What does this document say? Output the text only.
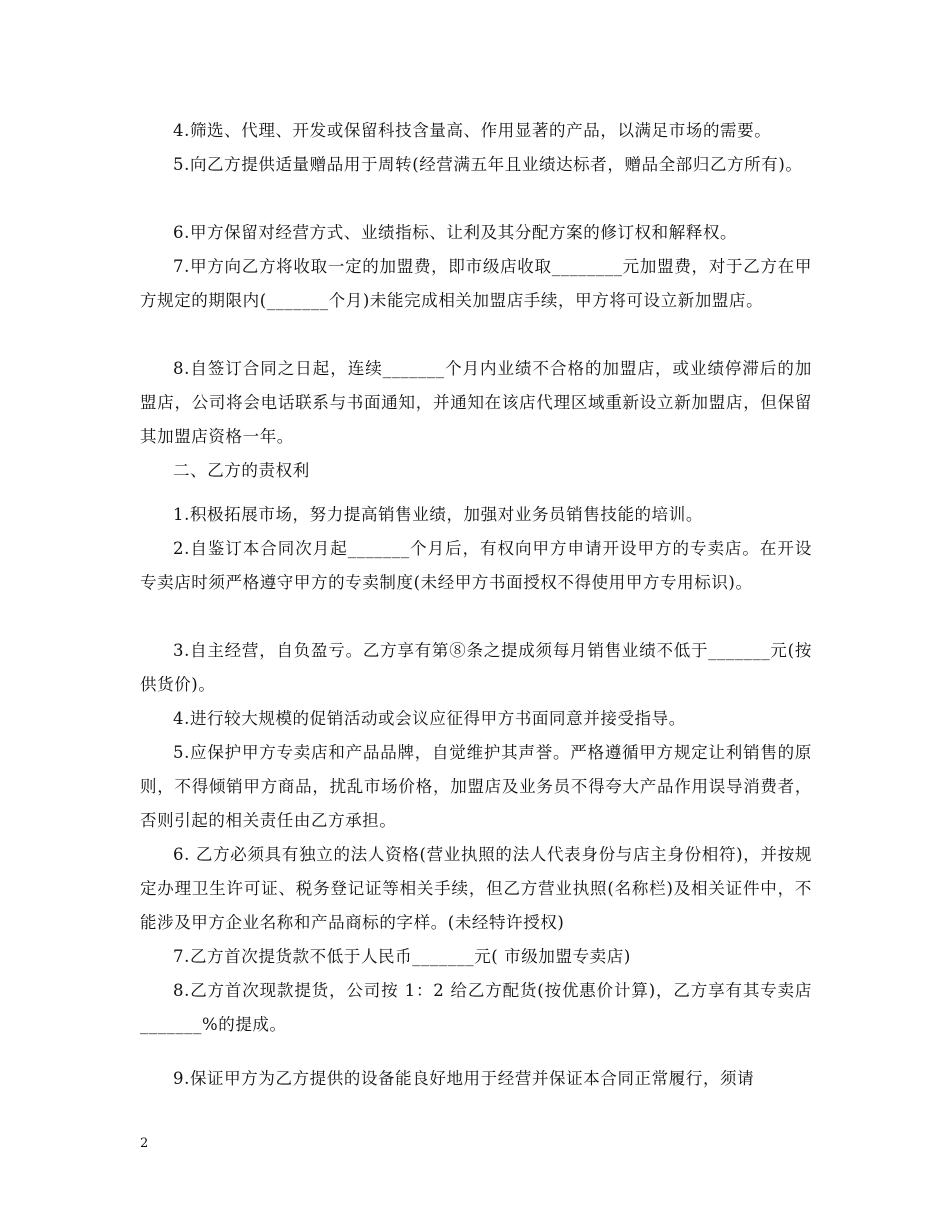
4.筛选、代理、开发或保留科技含量高、作用显著的产品，以满足市场的需要。

5.向乙方提供适量赠品用于周转(经营满五年且业绩达标者，赠品全部归乙方所有)。

6.甲方保留对经营方式、业绩指标、让利及其分配方案的修订权和解释权。

7.甲方向乙方将收取一定的加盟费，即市级店收取________元加盟费，对于乙方在甲方规定的期限内(_______个月)未能完成相关加盟店手续，甲方将可设立新加盟店。

8.自签订合同之日起，连续_______个月内业绩不合格的加盟店，或业绩停滞后的加盟店，公司将会电话联系与书面通知，并通知在该店代理区域重新设立新加盟店，但保留其加盟店资格一年。

二、乙方的责权利

1.积极拓展市场，努力提高销售业绩，加强对业务员销售技能的培训。

2.自鉴订本合同次月起_______个月后，有权向甲方申请开设甲方的专卖店。在开设专卖店时须严格遵守甲方的专卖制度(未经甲方书面授权不得使用甲方专用标识)。

3.自主经营，自负盈亏。乙方享有第⑧条之提成须每月销售业绩不低于_______元(按供货价)。

4.进行较大规模的促销活动或会议应征得甲方书面同意并接受指导。

5.应保护甲方专卖店和产品品牌，自觉维护其声誉。严格遵循甲方规定让利销售的原则，不得倾销甲方商品，扰乱市场价格，加盟店及业务员不得夸大产品作用误导消费者，否则引起的相关责任由乙方承担。

6. 乙方必须具有独立的法人资格(营业执照的法人代表身份与店主身份相符)，并按规定办理卫生许可证、税务登记证等相关手续，但乙方营业执照(名称栏)及相关证件中，不能涉及甲方企业名称和产品商标的字样。(未经特许授权)

7.乙方首次提货款不低于人民币_______元( 市级加盟专卖店)

8.乙方首次现款提货，公司按 1：2 给乙方配货(按优惠价计算)，乙方享有其专卖店_______%的提成。

9.保证甲方为乙方提供的设备能良好地用于经营并保证本合同正常履行，须请

2
